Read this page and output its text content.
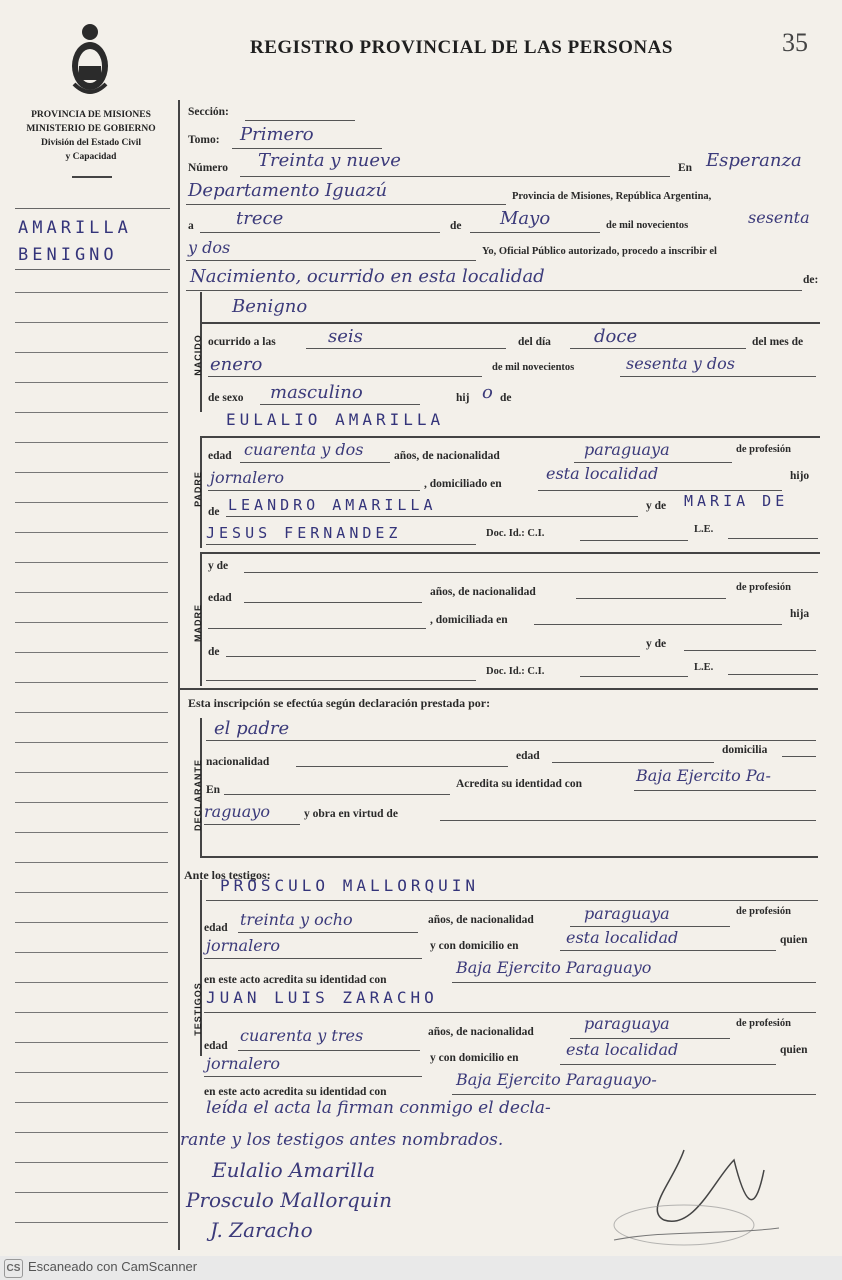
REGISTRO PROVINCIAL DE LAS PERSONAS	35
PROVINCIA DE MISIONES
MINISTERIO DE GOBIERNO
División del Estado Civil
y Capacidad
AMARILLA
BENIGNO
Sección:
Tomo: Primero
Número Treinta y nueve	En Esperanza
Departamento Iguazú	Provincia de Misiones, República Argentina,
a trece	de Mayo	de mil novecientos	sesenta
y dos	Yo, Oficial Público autorizado, procedo a inscribir el
Nacimiento, ocurrido en esta localidad	de:
NACIDO
Benigno
ocurrido a las	seis	del día doce	del mes de
enero	de mil novecientos	sesenta y dos
de sexo masculino	hij o de
EULALIO AMARILLA
PADRE
edad cuarenta y dos	años, de nacionalidad	paraguaya	de profesión
jornalero	, domiciliado en
esta localidad	hijo
de LEANDRO AMARILLA	y de MARIA DE
JESUS FERNANDEZ	Doc. Id.: C.I.	L.E.
MADRE
y de
edad	años, de nacionalidad	de profesión
, domiciliada en	hija
de
y de
Doc. Id.: C.I.	L.E.
Esta inscripción se efectúa según declaración prestada por:
DECLARANTE
el padre
nacionalidad	edad	domicilia
En	Acredita su identidad con	Baja Ejercito Pa-
raguayo	y obra en virtud de
Ante los testigos:
TESTIGOS
PROSCULO MALLORQUIN
edad treinta y ocho	años, de nacionalidad	paraguaya	de profesión
jornalero	y con domicilio en	esta localidad	quien
en este acto acredita su identidad con
Baja Ejercito Paraguayo
JUAN LUIS ZARACHO
edad
cuarenta y tres	años, de nacionalidad	paraguaya	de profesión
jornalero	y con domicilio en	esta localidad	quien
en este acto acredita su identidad con
Baja Ejercito Paraguayo-
leída el acta la firman conmigo el decla-
rante y los testigos antes nombrados.
Eulalio Amarilla
Prosculo Mallorquin
J. Zaracho
CS Escaneado con CamScanner
